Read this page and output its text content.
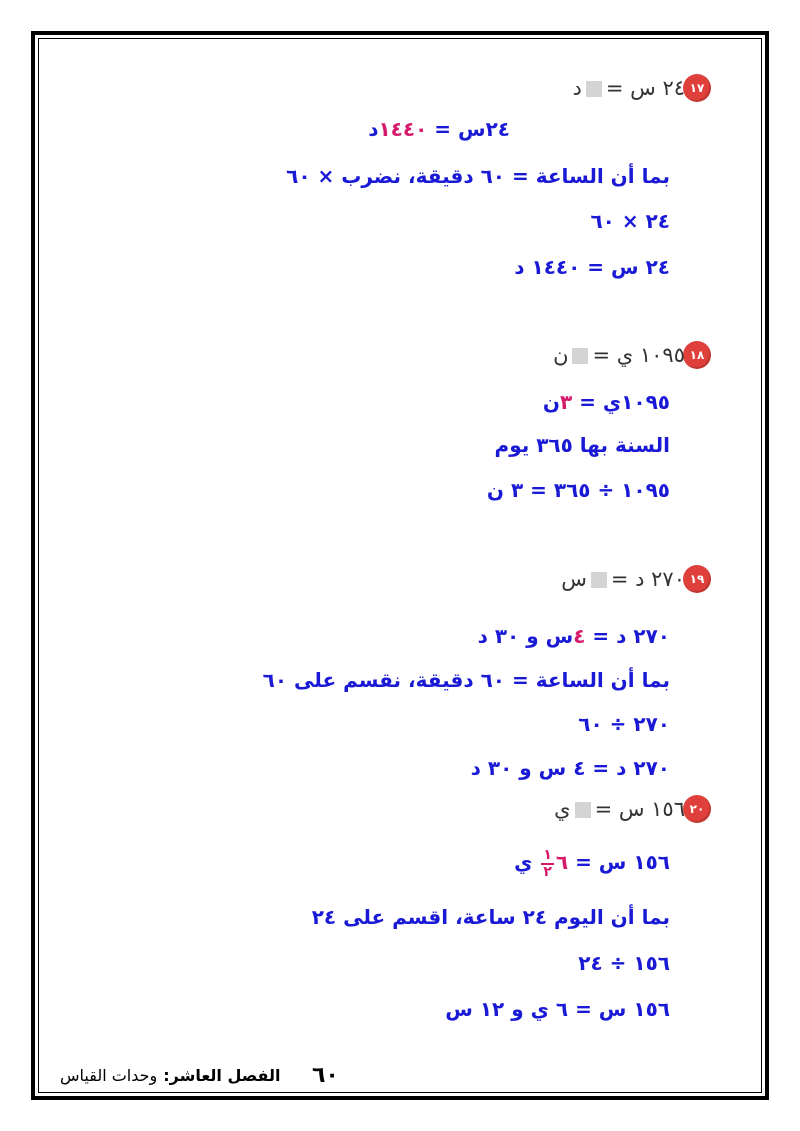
١٧
٢٤ س =د
٢٤س = ١٤٤٠د
بما أن الساعة = ٦٠ دقيقة، نضرب × ٦٠
٢٤ × ٦٠
٢٤ س = ١٤٤٠ د
١٨
١٠٩٥ ي =ن
١٠٩٥ي = ٣ن
السنة بها ٣٦٥ يوم
١٠٩٥ ÷ ٣٦٥ = ٣ ن
١٩
٢٧٠ د =س
٢٧٠ د = ٤س و ٣٠ د
بما أن الساعة = ٦٠ دقيقة، نقسم على ٦٠
٢٧٠ ÷ ٦٠
٢٧٠ د = ٤ س و ٣٠ د
٢٠
١٥٦ س =ي
١٥٦ س = ٦
$\frac{١}{٢}$
ي
بما أن اليوم ٢٤ ساعة، اقسم على ٢٤
١٥٦ ÷ ٢٤
١٥٦ س = ٦ ي و ١٢ س
٦٠
الفصل العاشر:وحدات القياس
